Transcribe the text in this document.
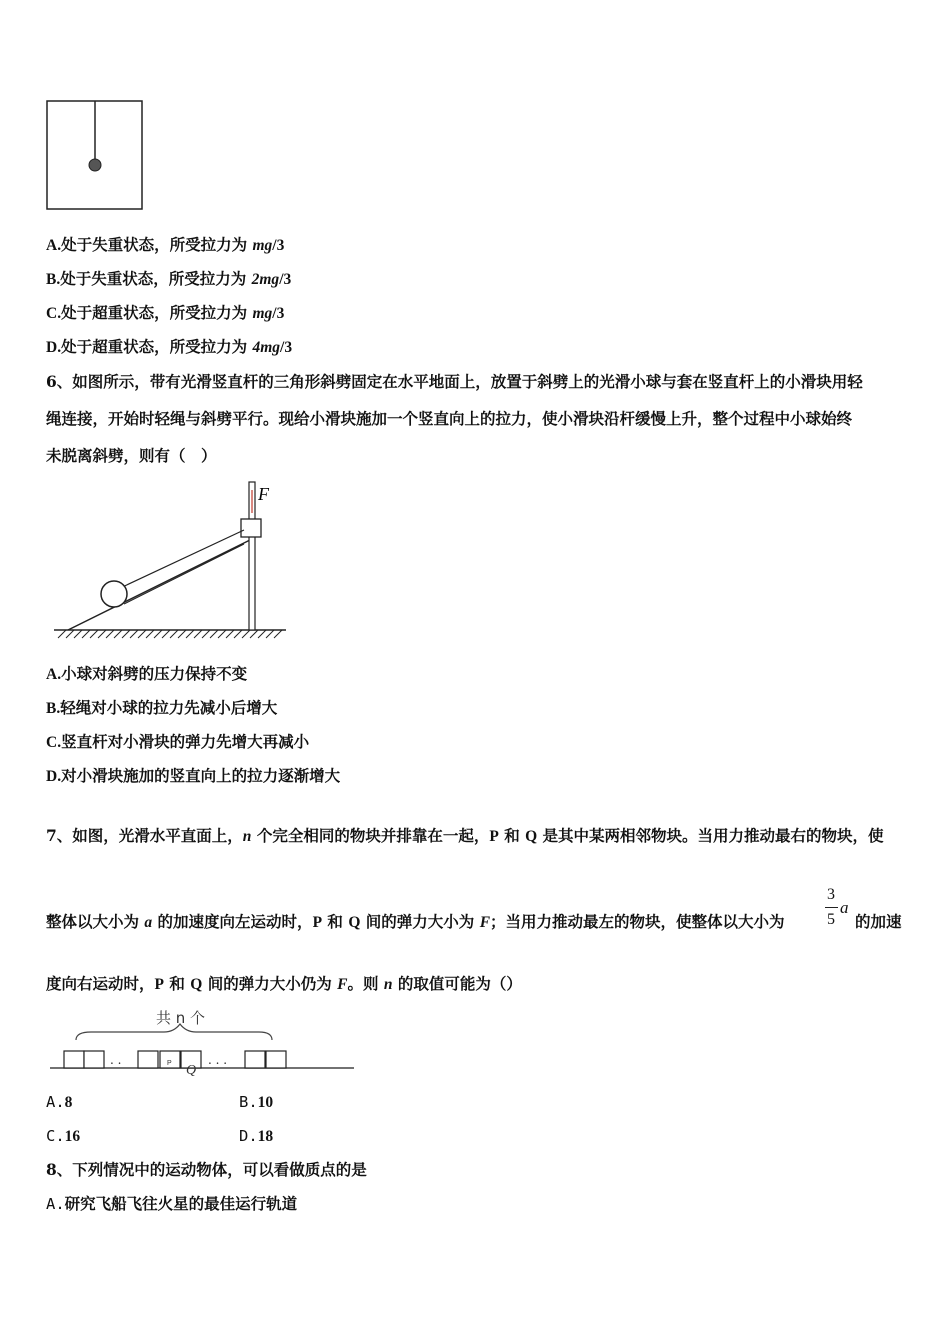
A.处于失重状态，所受拉力为 mg/3
B.处于失重状态，所受拉力为 2mg/3
C.处于超重状态，所受拉力为 mg/3
D.处于超重状态，所受拉力为 4mg/3
6、如图所示，带有光滑竖直杆的三角形斜劈固定在水平地面上，放置于斜劈上的光滑小球与套在竖直杆上的小滑块用轻
绳连接，开始时轻绳与斜劈平行。现给小滑块施加一个竖直向上的拉力，使小滑块沿杆缓慢上升，整个过程中小球始终
未脱离斜劈，则有（　）
F
A.小球对斜劈的压力保持不变
B.轻绳对小球的拉力先减小后增大
C.竖直杆对小滑块的弹力先增大再减小
D.对小滑块施加的竖直向上的拉力逐渐增大
7、如图，光滑水平直面上，n 个完全相同的物块并排靠在一起，P 和 Q 是其中某两相邻物块。当用力推动最右的物块，使
整体以大小为 a 的加速度向左运动时，P 和 Q 间的弹力大小为 F；当用力推动最左的物块，使整体以大小为
3
5
a
的加速
度向右运动时，P 和 Q 间的弹力大小仍为 F。则 n 的取值可能为（）
共 n 个
. .	P Q
. . .
A.8	B.10
C.16	D.18
8、下列情况中的运动物体，可以看做质点的是
A.研究飞船飞往火星的最佳运行轨道
